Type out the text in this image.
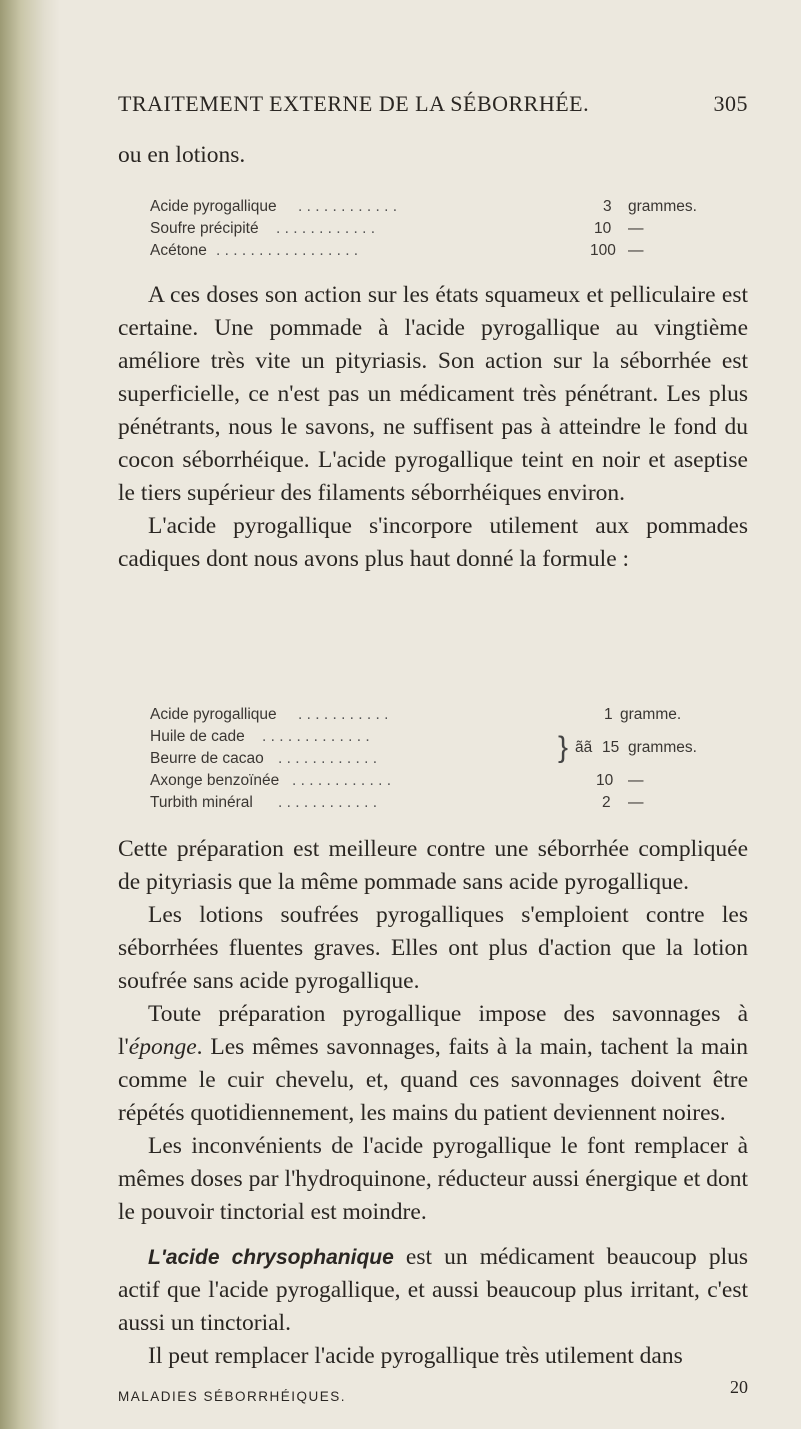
TRAITEMENT EXTERNE DE LA SÉBORRHÉE.	305

ou en lotions.

Acide pyrogallique . . . . . . . . . . . .	3 grammes.
Soufre précipité . . . . . . . . . . . .	10 —
Acétone . . . . . . . . . . . . . . . . .	100 —

A ces doses son action sur les états squameux et pelliculaire est certaine. Une pommade à l'acide pyrogallique au vingtième améliore très vite un pityriasis. Son action sur la séborrhée est superficielle, ce n'est pas un médicament très pénétrant. Les plus pénétrants, nous le savons, ne suffisent pas à atteindre le fond du cocon séborrhéique. L'acide pyrogallique teint en noir et aseptise le tiers supérieur des filaments séborrhéiques environ.

L'acide pyrogallique s'incorpore utilement aux pommades cadiques dont nous avons plus haut donné la formule :

Acide pyrogallique . . . . . . . . . . .	1 gramme.
Huile de cade . . . . . . . . . . . . .
Beurre de cacao . . . . . . . . . . . .	} ãã 15 grammes.
Axonge benzoïnée . . . . . . . . . . . .	10 —
Turbith minéral . . . . . . . . . . . .	2 —

Cette préparation est meilleure contre une séborrhée compliquée de pityriasis que la même pommade sans acide pyrogallique.

Les lotions soufrées pyrogalliques s'emploient contre les séborrhées fluentes graves. Elles ont plus d'action que la lotion soufrée sans acide pyrogallique.

Toute préparation pyrogallique impose des savonnages à l'éponge. Les mêmes savonnages, faits à la main, tachent la main comme le cuir chevelu, et, quand ces savonnages doivent être répétés quotidiennement, les mains du patient deviennent noires.

Les inconvénients de l'acide pyrogallique le font remplacer à mêmes doses par l'hydroquinone, réducteur aussi énergique et dont le pouvoir tinctorial est moindre.

L'acide chrysophanique est un médicament beaucoup plus actif que l'acide pyrogallique, et aussi beaucoup plus irritant, c'est aussi un tinctorial.

Il peut remplacer l'acide pyrogallique très utilement dans

MALADIES SÉBORRHÉIQUES.	20
